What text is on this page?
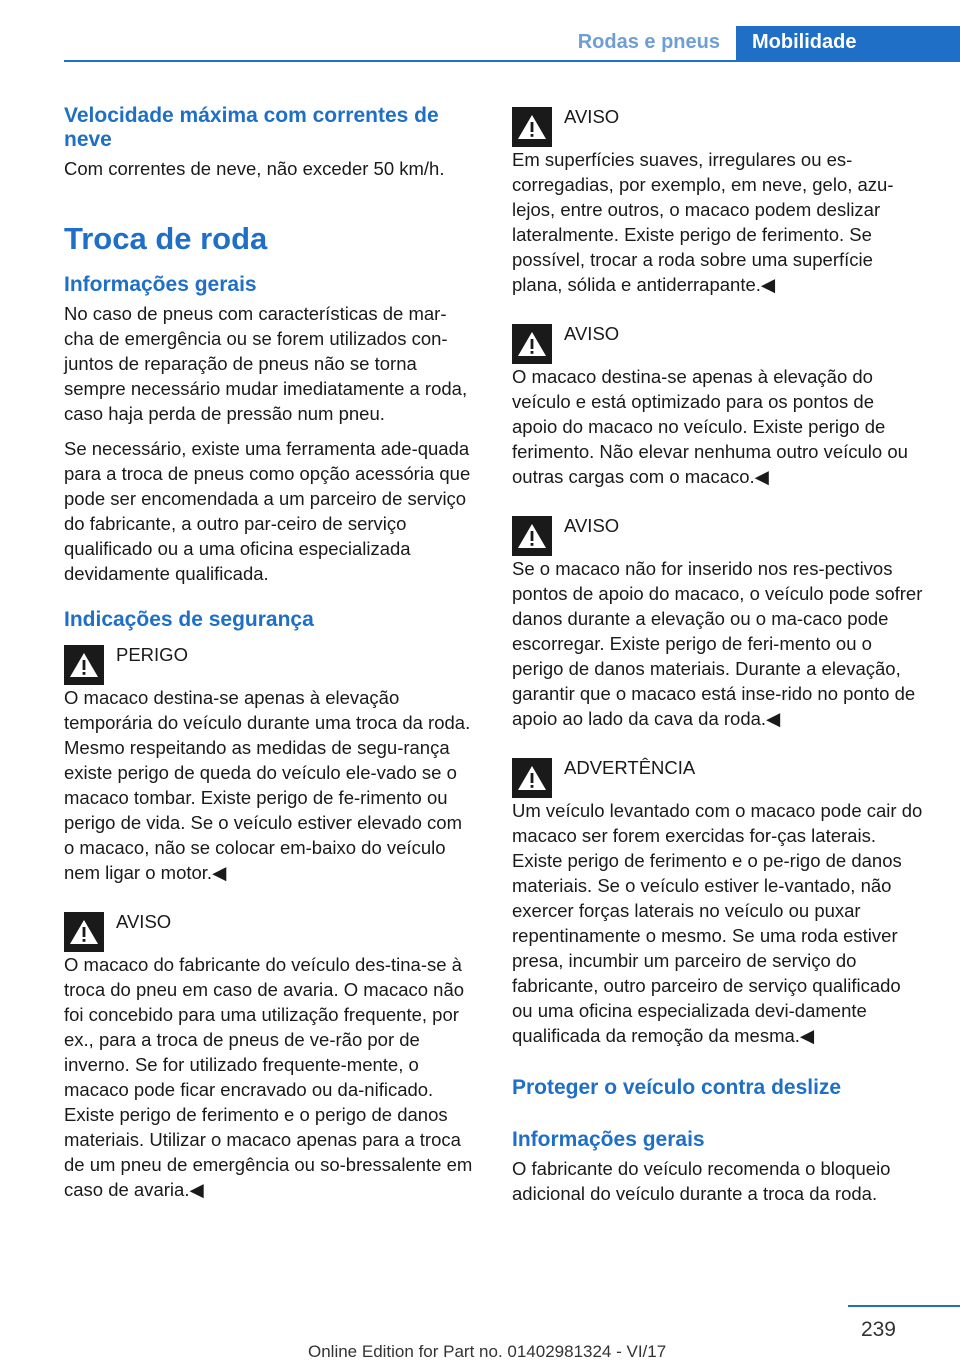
Rodas e pneus	Mobilidade
Velocidade máxima com correntes de neve

Com correntes de neve, não exceder 50 km/h.

Troca de roda
Informações gerais

No caso de pneus com características de mar-cha de emergência ou se forem utilizados con-juntos de reparação de pneus não se torna sempre necessário mudar imediatamente a roda, caso haja perda de pressão num pneu.

Se necessário, existe uma ferramenta ade-quada para a troca de pneus como opção acessória que pode ser encomendada a um parceiro de serviço do fabricante, a outro par-ceiro de serviço qualificado ou a uma oficina especializada devidamente qualificada.

Indicações de segurança
PERIGO

O macaco destina-se apenas à elevação temporária do veículo durante uma troca da roda. Mesmo respeitando as medidas de segu-rança existe perigo de queda do veículo ele-vado se o macaco tombar. Existe perigo de fe-rimento ou perigo de vida. Se o veículo estiver elevado com o macaco, não se colocar em-baixo do veículo nem ligar o motor.◀

AVISO

O macaco do fabricante do veículo des-tina-se à troca do pneu em caso de avaria. O macaco não foi concebido para uma utilização frequente, por ex., para a troca de pneus de ve-rão por de inverno. Se for utilizado frequente-mente, o macaco pode ficar encravado ou da-nificado. Existe perigo de ferimento e o perigo de danos materiais. Utilizar o macaco apenas para a troca de um pneu de emergência ou so-bressalente em caso de avaria.◀

AVISO

Em superfícies suaves, irregulares ou es-corregadias, por exemplo, em neve, gelo, azu-lejos, entre outros, o macaco podem deslizar lateralmente. Existe perigo de ferimento. Se possível, trocar a roda sobre uma superfície plana, sólida e antiderrapante.◀

AVISO

O macaco destina-se apenas à elevação do veículo e está optimizado para os pontos de apoio do macaco no veículo. Existe perigo de ferimento. Não elevar nenhuma outro veículo ou outras cargas com o macaco.◀

AVISO

Se o macaco não for inserido nos res-pectivos pontos de apoio do macaco, o veículo pode sofrer danos durante a elevação ou o ma-caco pode escorregar. Existe perigo de feri-mento ou o perigo de danos materiais. Durante a elevação, garantir que o macaco está inse-rido no ponto de apoio ao lado da cava da roda.◀

ADVERTÊNCIA

Um veículo levantado com o macaco pode cair do macaco ser forem exercidas for-ças laterais. Existe perigo de ferimento e o pe-rigo de danos materiais. Se o veículo estiver le-vantado, não exercer forças laterais no veículo ou puxar repentinamente o mesmo. Se uma roda estiver presa, incumbir um parceiro de serviço do fabricante, outro parceiro de serviço qualificado ou uma oficina especializada devi-damente qualificada da remoção da mesma.◀

Proteger o veículo contra deslize
Informações gerais

O fabricante do veículo recomenda o bloqueio adicional do veículo durante a troca da roda.

239
Online Edition for Part no. 01402981324 - VI/17
